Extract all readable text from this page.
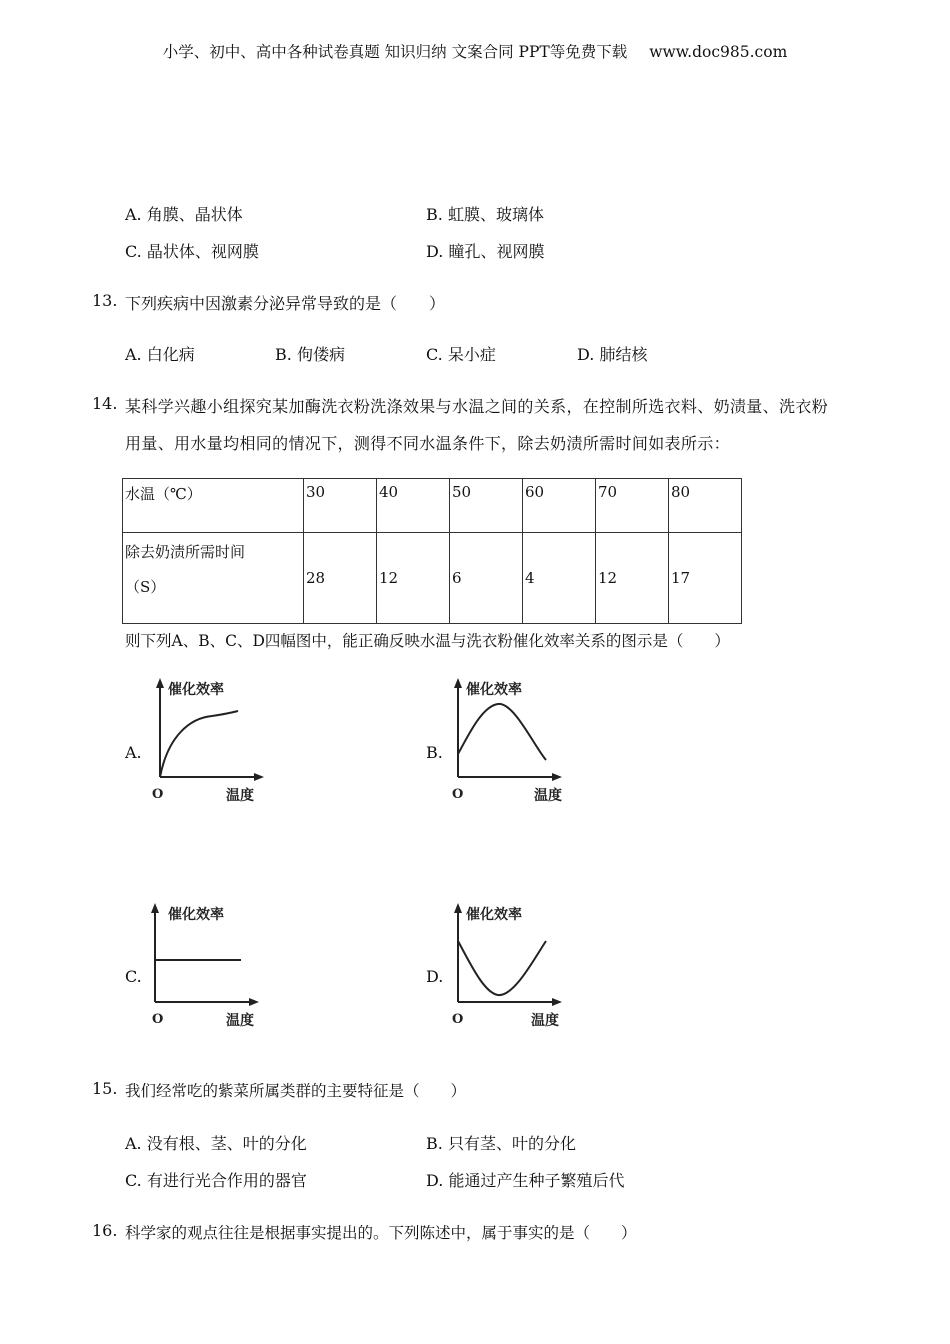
小学、初中、高中各种试卷真题 知识归纳 文案合同 PPT等免费下载 www.doc985.com
A. 角膜、晶状体	B. 虹膜、玻璃体
C. 晶状体、视网膜	D. 瞳孔、视网膜
13. 下列疾病中因激素分泌异常导致的是（　　）
A. 白化病	B. 佝偻病	C. 呆小症	D. 肺结核
14. 某科学兴趣小组探究某加酶洗衣粉洗涤效果与水温之间的关系，在控制所选衣料、奶渍量、洗衣粉
用量、用水量均相同的情况下，测得不同水温条件下，除去奶渍所需时间如表所示：
水温（℃）	30	40	50	60	70	80

除去奶渍所需时间
（S）	28	12	6	4	12	17
则下列A、B、C、D四幅图中，能正确反映水温与洗衣粉催化效率关系的图示是（　　）
A.
催化效率
温度
O
B.
催化效率
温度
O
C.
催化效率
温度
O
D.
催化效率
温度
O
15. 我们经常吃的紫菜所属类群的主要特征是（　　）
A. 没有根、茎、叶的分化	B. 只有茎、叶的分化
C. 有进行光合作用的器官	D. 能通过产生种子繁殖后代
16. 科学家的观点往往是根据事实提出的。下列陈述中，属于事实的是（　　）
